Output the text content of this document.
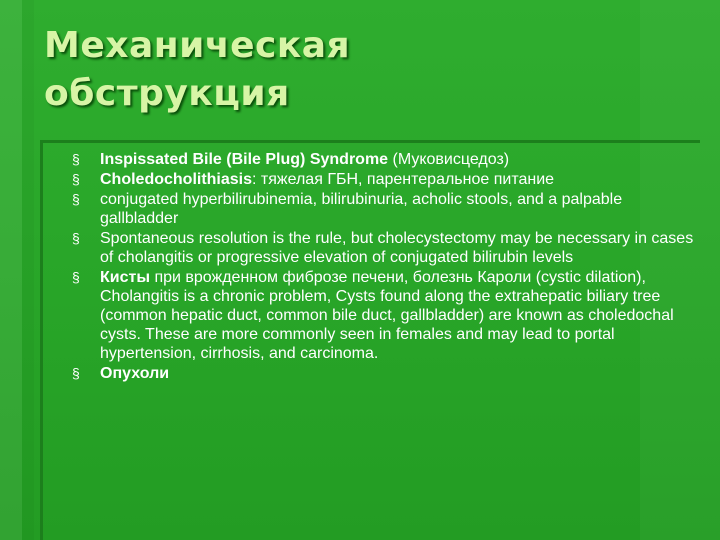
Механическая
обструкция
§	Inspissated Bile (Bile Plug) Syndrome (Муковисцедоз)
§	Choledocholithiasis: тяжелая ГБН, парентеральное питание
§	conjugated hyperbilirubinemia, bilirubinuria, acholic stools, and a palpable gallbladder
§	Spontaneous resolution is the rule, but cholecystectomy may be necessary in cases of cholangitis or progressive elevation of conjugated bilirubin levels
§	Кисты при врожденном фиброзе печени, болезнь Кароли (cystic dilation), Cholangitis is a chronic problem, Cysts found along the extrahepatic biliary tree (common hepatic duct, common bile duct, gallbladder) are known as choledochal cysts. These are more commonly seen in females and may lead to portal hypertension, cirrhosis, and carcinoma.
§	Опухоли
